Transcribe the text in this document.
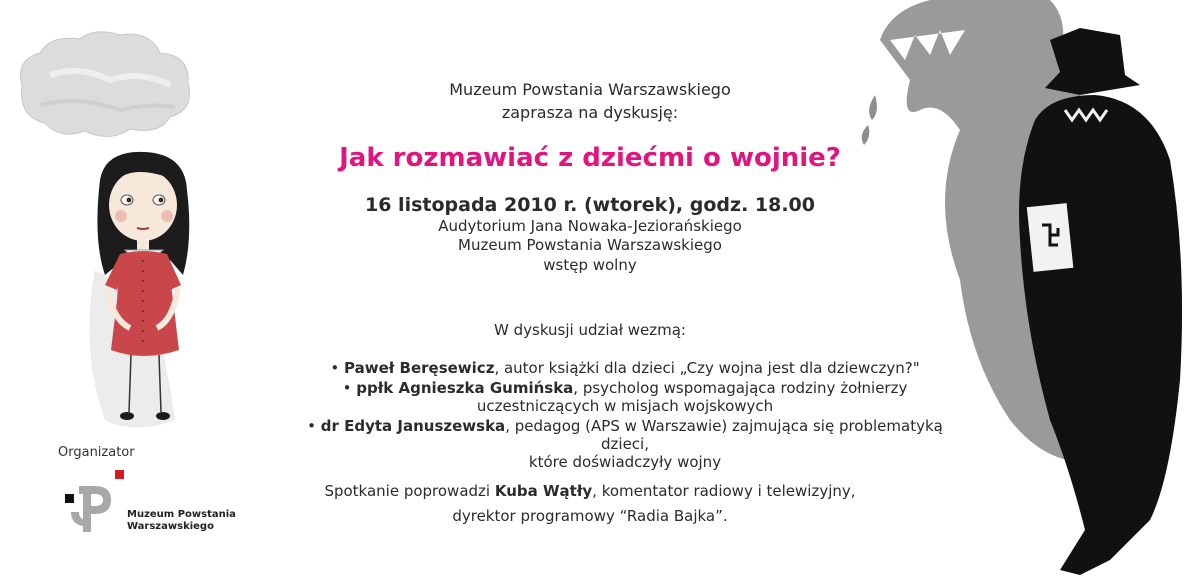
Muzeum Powstania Warszawskiego
zaprasza na dyskusję:
Jak rozmawiać z dziećmi o wojnie?
16 listopada 2010 r. (wtorek), godz. 18.00
Audytorium Jana Nowaka-Jeziorańskiego
Muzeum Powstania Warszawskiego
wstęp wolny
W dyskusji udział wezmą:
• Paweł Beręsewicz, autor książki dla dzieci „Czy wojna jest dla dziewczyn?"
• ppłk Agnieszka Gumińska, psycholog wspomagająca rodziny żołnierzy
uczestniczących w misjach wojskowych
• dr Edyta Januszewska, pedagog (APS w Warszawie) zajmująca się problematyką dzieci,
które doświadczyły wojny
Spotkanie poprowadzi Kuba Wątły, komentator radiowy i telewizyjny,
dyrektor programowy “Radia Bajka”.
Organizator
Muzeum Powstania
Warszawskiego
